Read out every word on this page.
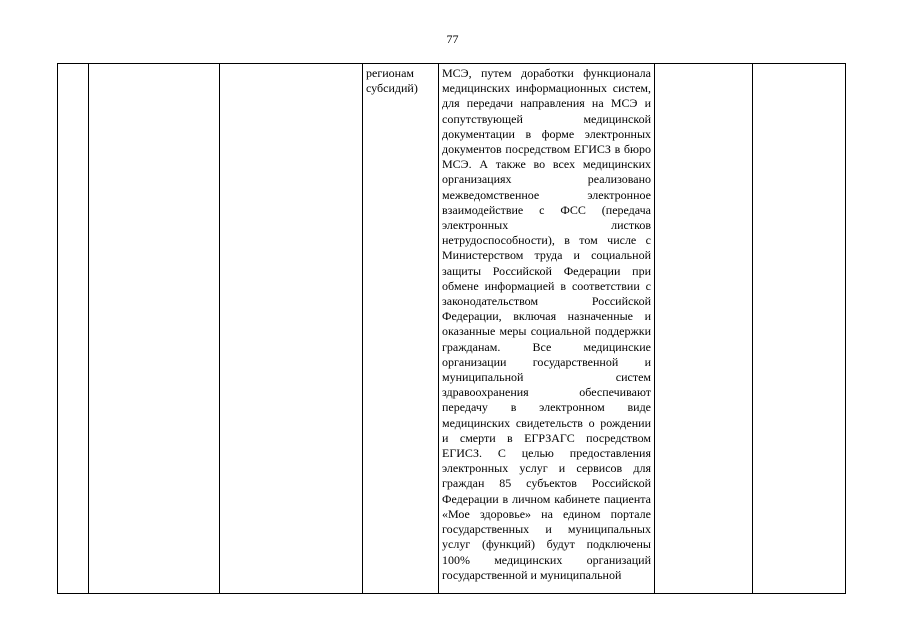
77
			регионам субсидий)	МСЭ, путем доработки функционала медицинских информационных систем, для передачи направления на МСЭ и сопутствующей медицинской документации в форме электронных документов посредством ЕГИСЗ в бюро МСЭ. А также во всех медицинских организациях реализовано межведомственное электронное взаимодействие с ФСС (передача электронных листков нетрудоспособности), в том числе с Министерством труда и социальной защиты Российской Федерации при обмене информацией в соответствии с законодательством Российской Федерации, включая назначенные и оказанные меры социальной поддержки гражданам. Все медицинские организации государственной и муниципальной систем здравоохранения обеспечивают передачу в электронном виде медицинских свидетельств о рождении и смерти в ЕГРЗАГС посредством ЕГИСЗ. С целью предоставления электронных услуг и сервисов для граждан 85 субъектов Российской Федерации в личном кабинете пациента «Мое здоровье» на едином портале государственных и муниципальных услуг (функций) будут подключены 100% медицинских организаций государственной и муниципальной		
